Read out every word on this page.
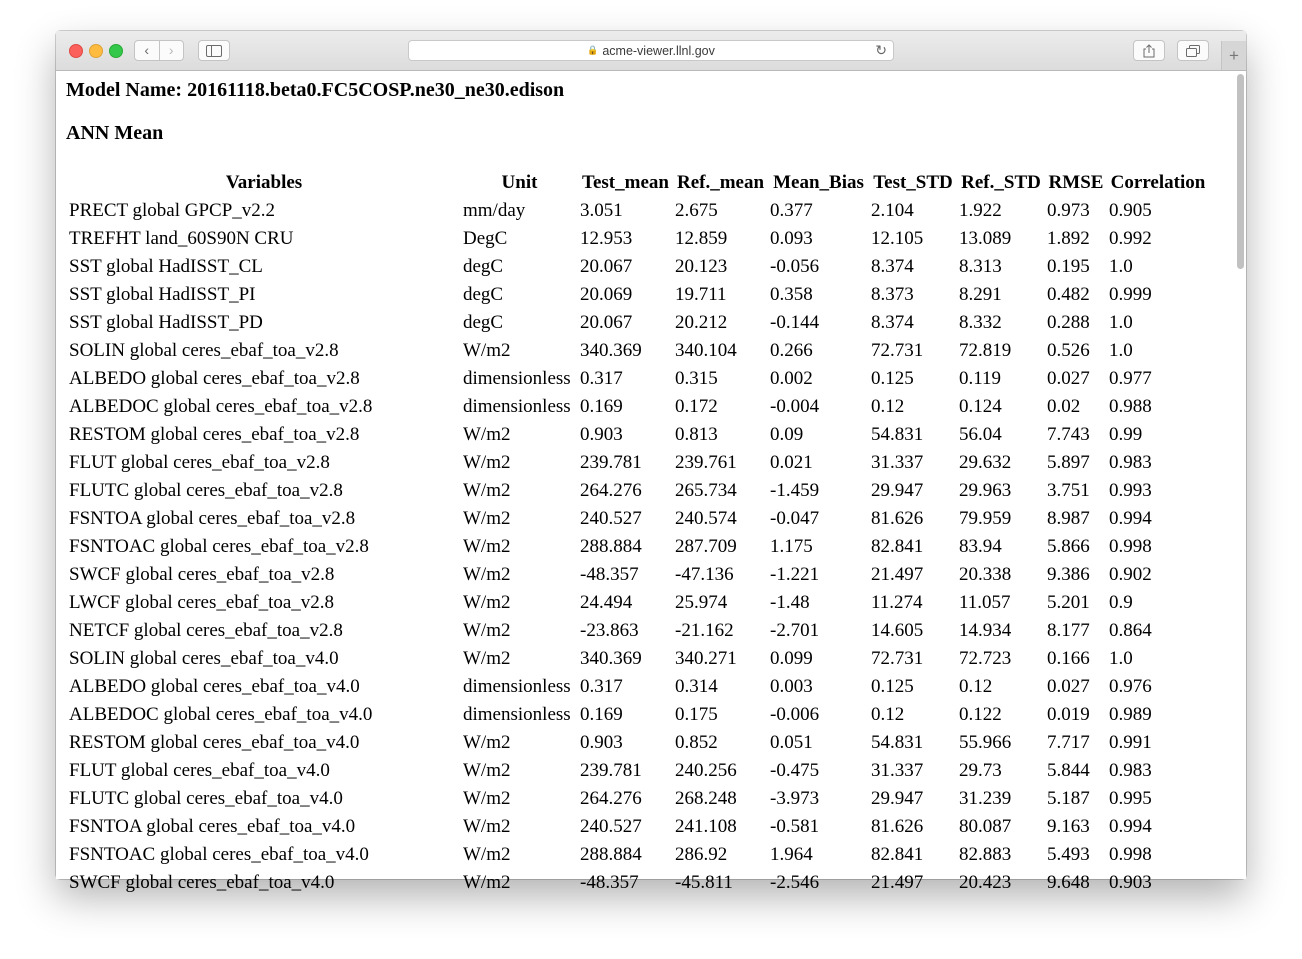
‹	›	🔒 acme-viewer.llnl.gov	↻	+
Model Name: 20161118.beta0.FC5COSP.ne30_ne30.edison
ANN Mean
Variables	Unit	Test_mean	Ref._mean	Mean_Bias	Test_STD	Ref._STD	RMSE	Correlation
PRECT global GPCP_v2.2	mm/day	3.051	2.675	0.377	2.104	1.922	0.973	0.905
TREFHT land_60S90N CRU	DegC	12.953	12.859	0.093	12.105	13.089	1.892	0.992
SST global HadISST_CL	degC	20.067	20.123	-0.056	8.374	8.313	0.195	1.0
SST global HadISST_PI	degC	20.069	19.711	0.358	8.373	8.291	0.482	0.999
SST global HadISST_PD	degC	20.067	20.212	-0.144	8.374	8.332	0.288	1.0
SOLIN global ceres_ebaf_toa_v2.8	W/m2	340.369	340.104	0.266	72.731	72.819	0.526	1.0
ALBEDO global ceres_ebaf_toa_v2.8	dimensionless	0.317	0.315	0.002	0.125	0.119	0.027	0.977
ALBEDOC global ceres_ebaf_toa_v2.8	dimensionless	0.169	0.172	-0.004	0.12	0.124	0.02	0.988
RESTOM global ceres_ebaf_toa_v2.8	W/m2	0.903	0.813	0.09	54.831	56.04	7.743	0.99
FLUT global ceres_ebaf_toa_v2.8	W/m2	239.781	239.761	0.021	31.337	29.632	5.897	0.983
FLUTC global ceres_ebaf_toa_v2.8	W/m2	264.276	265.734	-1.459	29.947	29.963	3.751	0.993
FSNTOA global ceres_ebaf_toa_v2.8	W/m2	240.527	240.574	-0.047	81.626	79.959	8.987	0.994
FSNTOAC global ceres_ebaf_toa_v2.8	W/m2	288.884	287.709	1.175	82.841	83.94	5.866	0.998
SWCF global ceres_ebaf_toa_v2.8	W/m2	-48.357	-47.136	-1.221	21.497	20.338	9.386	0.902
LWCF global ceres_ebaf_toa_v2.8	W/m2	24.494	25.974	-1.48	11.274	11.057	5.201	0.9
NETCF global ceres_ebaf_toa_v2.8	W/m2	-23.863	-21.162	-2.701	14.605	14.934	8.177	0.864
SOLIN global ceres_ebaf_toa_v4.0	W/m2	340.369	340.271	0.099	72.731	72.723	0.166	1.0
ALBEDO global ceres_ebaf_toa_v4.0	dimensionless	0.317	0.314	0.003	0.125	0.12	0.027	0.976
ALBEDOC global ceres_ebaf_toa_v4.0	dimensionless	0.169	0.175	-0.006	0.12	0.122	0.019	0.989
RESTOM global ceres_ebaf_toa_v4.0	W/m2	0.903	0.852	0.051	54.831	55.966	7.717	0.991
FLUT global ceres_ebaf_toa_v4.0	W/m2	239.781	240.256	-0.475	31.337	29.73	5.844	0.983
FLUTC global ceres_ebaf_toa_v4.0	W/m2	264.276	268.248	-3.973	29.947	31.239	5.187	0.995
FSNTOA global ceres_ebaf_toa_v4.0	W/m2	240.527	241.108	-0.581	81.626	80.087	9.163	0.994
FSNTOAC global ceres_ebaf_toa_v4.0	W/m2	288.884	286.92	1.964	82.841	82.883	5.493	0.998
SWCF global ceres_ebaf_toa_v4.0	W/m2	-48.357	-45.811	-2.546	21.497	20.423	9.648	0.903
